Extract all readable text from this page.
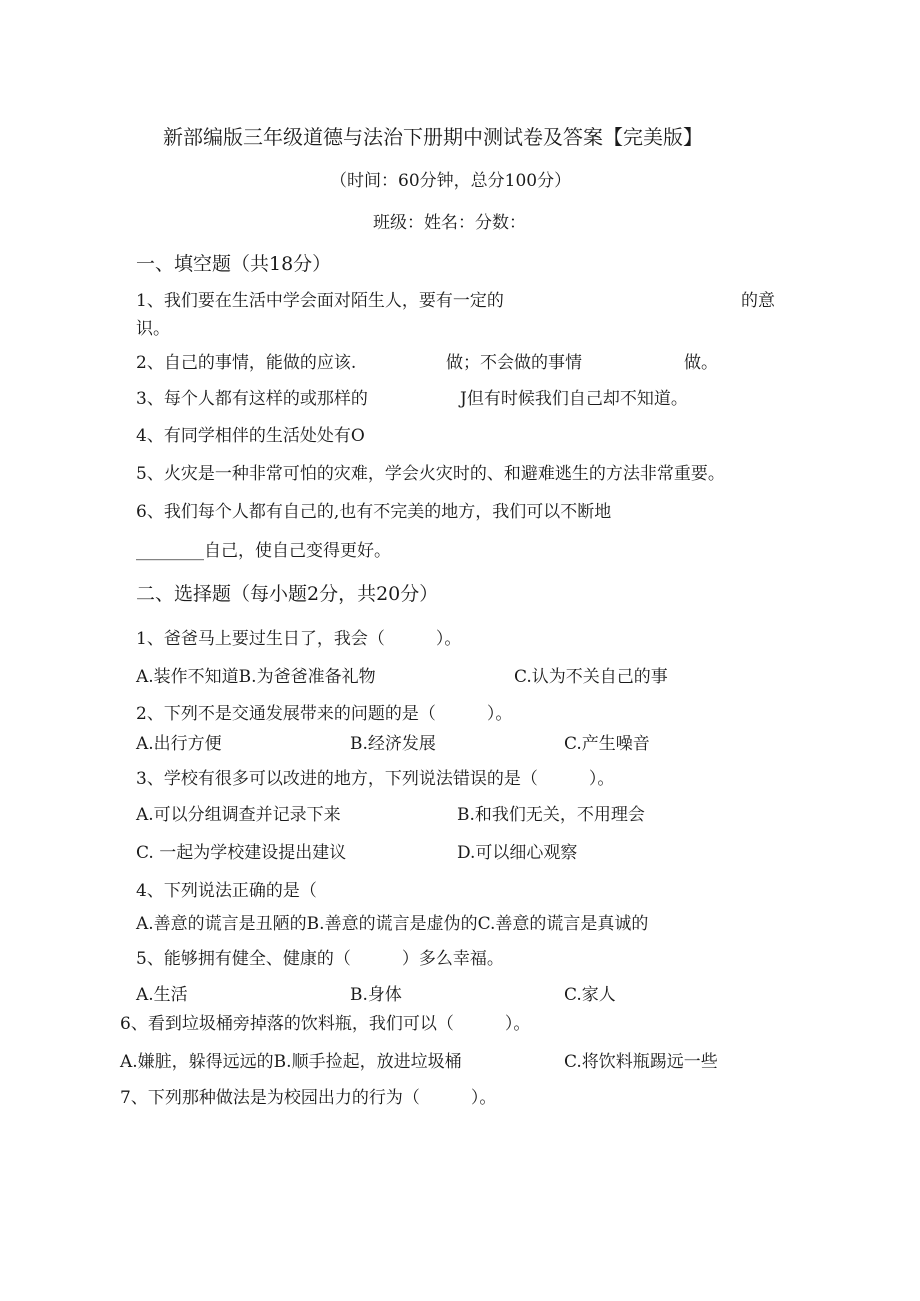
新部编版三年级道德与法治下册期中测试卷及答案【完美版】
（时间：60分钟，总分100分）
班级：姓名：分数：
一、填空题（共18分）
1、我们要在生活中学会面对陌生人，要有一定的	的意
识。
2、自己的事情，能做的应该.	做；不会做的事情	做。
3、每个人都有这样的或那样的	J但有时候我们自己却不知道。
4、有同学相伴的生活处处有O
5、火灾是一种非常可怕的灾难，学会火灾时的、和避难逃生的方法非常重要。
6、我们每个人都有自己的,也有不完美的地方，我们可以不断地
________自己，使自己变得更好。
二、选择题（每小题2分，共20分）
1、爸爸马上要过生日了，我会（　　　）。
A.装作不知道B.为爸爸准备礼物	C.认为不关自己的事
2、下列不是交通发展带来的问题的是（　　　）。
A.出行方便	B.经济发展	C.产生噪音
3、学校有很多可以改进的地方，下列说法错误的是（　　　）。
A.可以分组调查并记录下来	B.和我们无关，不用理会
C. 一起为学校建设提出建议	D.可以细心观察
4、下列说法正确的是（
A.善意的谎言是丑陋的B.善意的谎言是虚伪的C.善意的谎言是真诚的
5、能够拥有健全、健康的（　　　）多么幸福。
A.生活	B.身体	C.家人
6、看到垃圾桶旁掉落的饮料瓶，我们可以（　　　）。
A.嫌脏，躲得远远的B.顺手捡起，放进垃圾桶	C.将饮料瓶踢远一些
7、下列那种做法是为校园出力的行为（　　　）。
